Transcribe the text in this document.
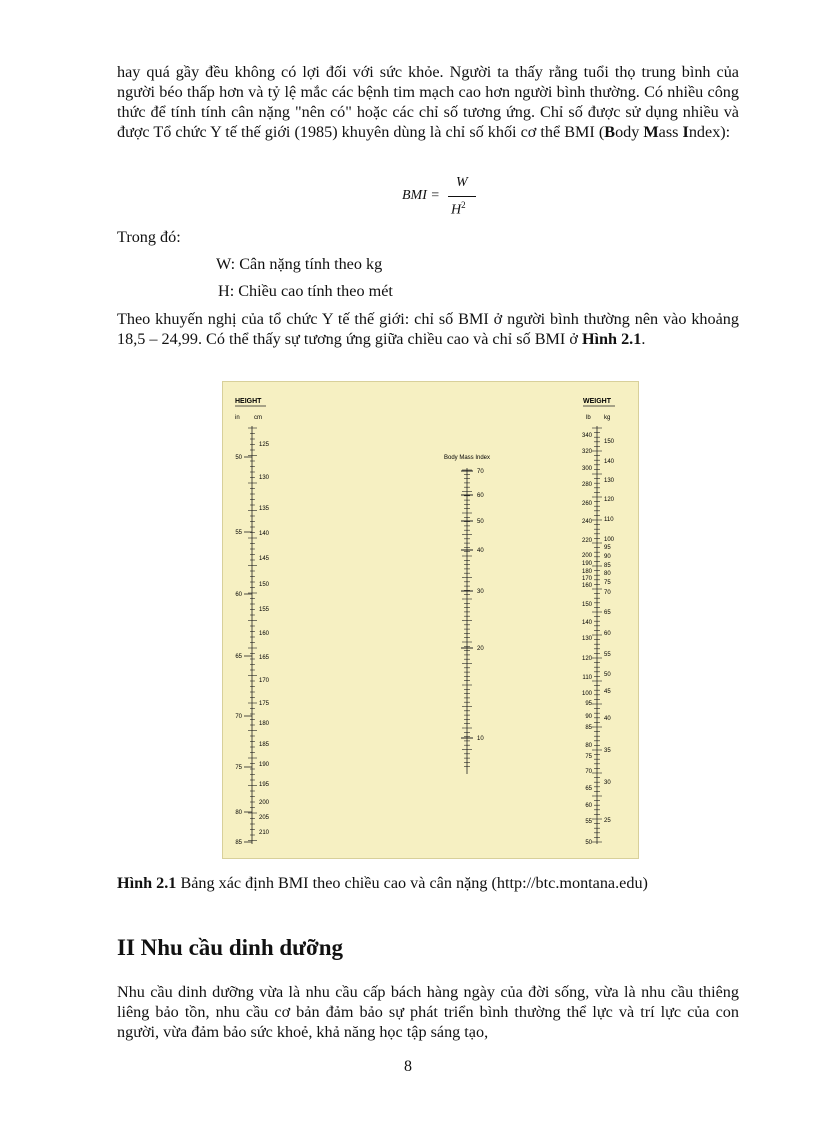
hay quá gầy đều không có lợi đối với sức khỏe. Người ta thấy rằng tuổi thọ trung bình của người béo thấp hơn và tỷ lệ mắc các bệnh tim mạch cao hơn người bình thường. Có nhiều công thức để tính tính cân nặng "nên có" hoặc các chỉ số tương ứng. Chỉ số được sử dụng nhiều và được Tổ chức Y tế thế giới (1985) khuyên dùng là chỉ số khối cơ thể BMI (Body Mass Index):

BMI =
W
$H^2$
Trong đó:
W: Cân nặng tính theo kg
H: Chiều cao tính theo mét

Theo khuyến nghị của tổ chức Y tế thế giới: chỉ số BMI ở người bình thường nên vào khoảng 18,5 – 24,99. Có thể thấy sự tương ứng giữa chiều cao và chỉ số BMI ở Hình 2.1.

HEIGHT
in cm
Body Mass Index
WEIGHT
lb kg
50
55
60
65
70
75
80
85
125
130
135
140
145
150
155
160
165
170
175
180
185
190
195
200
205
210
70
60
50
40
30
20
10
340
320
300
280
260
240
220
200
190
180
170
160
150
140
130
120
110
100
95
90
85
80
75
70
65
60
55
50
150
140
130
120
110
100
95
90
85
80
75
70
65
60
55
50
45
40
35
30
25
Hình 2.1 Bảng xác định BMI theo chiều cao và cân nặng (http://btc.montana.edu)
II Nhu cầu dinh dưỡng

Nhu cầu dinh dưỡng vừa là nhu cầu cấp bách hàng ngày của đời sống, vừa là nhu cầu thiêng liêng bảo tồn, nhu cầu cơ bản đảm bảo sự phát triển bình thường thể lực và trí lực của con người, vừa đảm bảo sức khoẻ, khả năng học tập sáng tạo,

8
